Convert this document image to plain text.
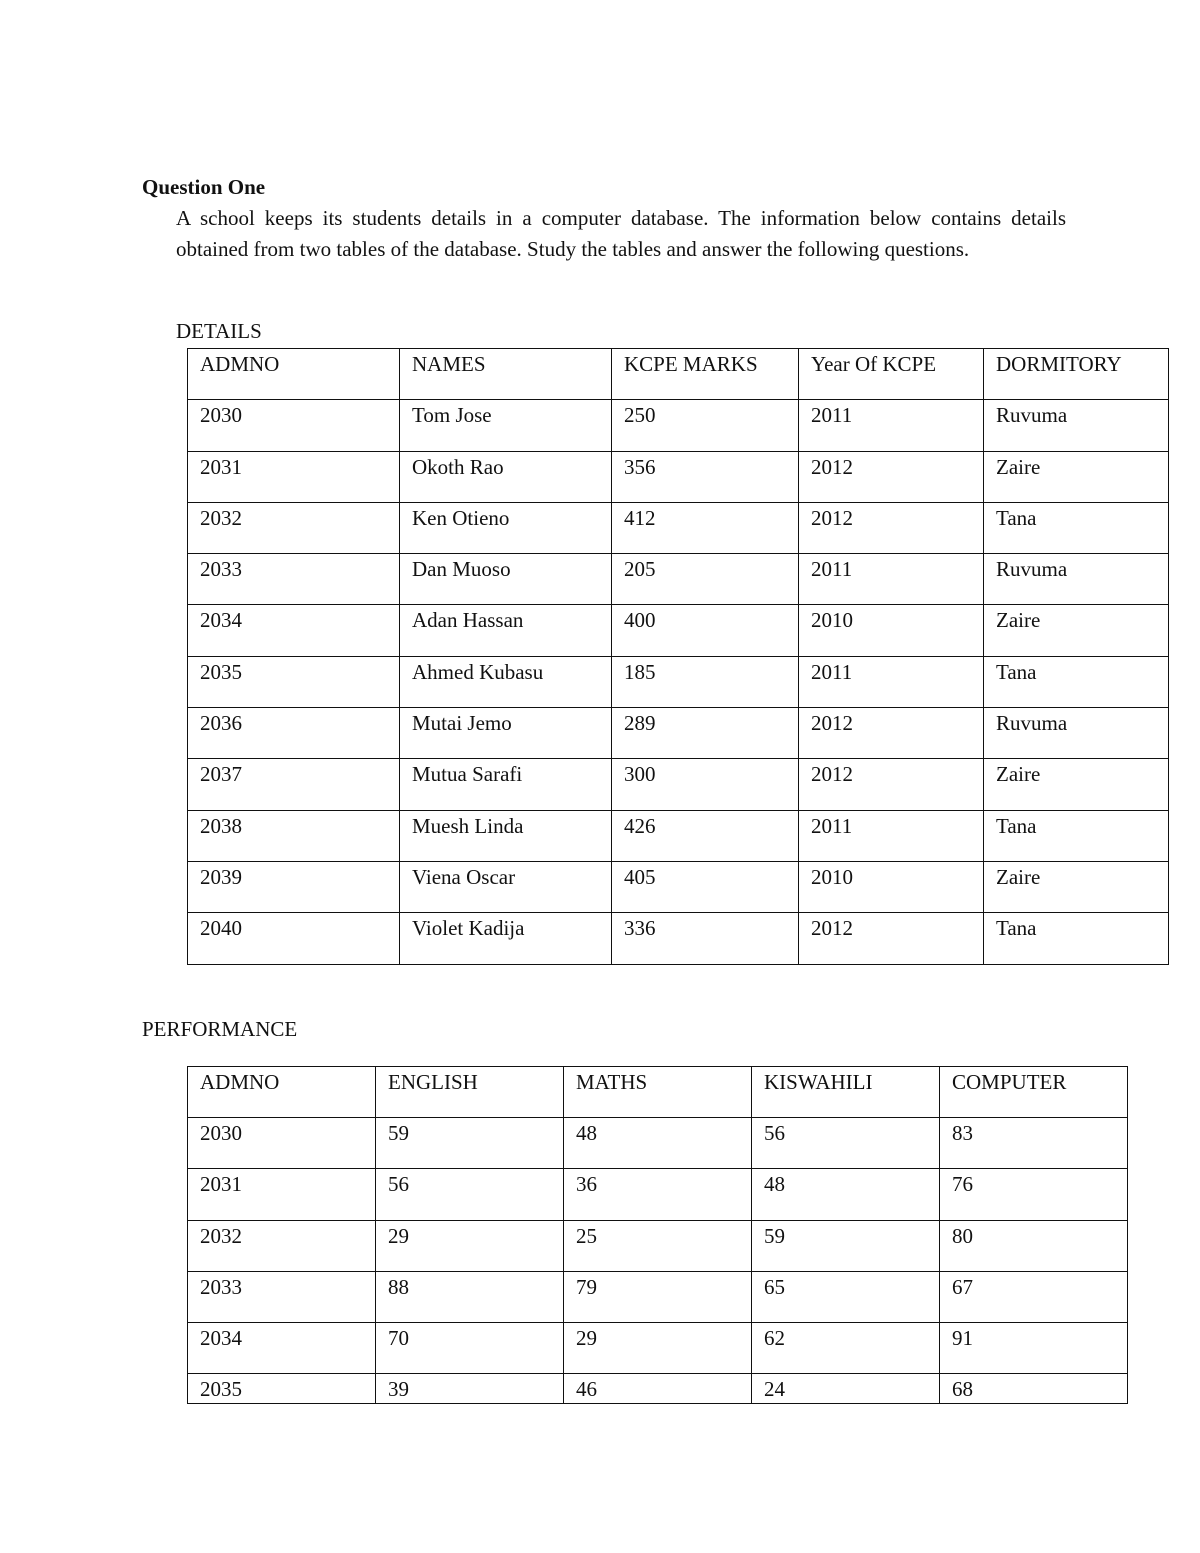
Question One
A school keeps its students details in a computer database. The information below contains details obtained from two tables of the database. Study the tables and answer the following questions.
DETAILS
ADMNO	NAMES	KCPE MARKS	Year Of KCPE	DORMITORY
2030	Tom Jose	250	2011	Ruvuma
2031	Okoth Rao	356	2012	Zaire
2032	Ken Otieno	412	2012	Tana
2033	Dan Muoso	205	2011	Ruvuma
2034	Adan Hassan	400	2010	Zaire
2035	Ahmed Kubasu	185	2011	Tana
2036	Mutai Jemo	289	2012	Ruvuma
2037	Mutua Sarafi	300	2012	Zaire
2038	Muesh Linda	426	2011	Tana
2039	Viena Oscar	405	2010	Zaire
2040	Violet Kadija	336	2012	Tana
PERFORMANCE
ADMNO	ENGLISH	MATHS	KISWAHILI	COMPUTER
2030	59	48	56	83
2031	56	36	48	76
2032	29	25	59	80
2033	88	79	65	67
2034	70	29	62	91
2035	39	46	24	68
